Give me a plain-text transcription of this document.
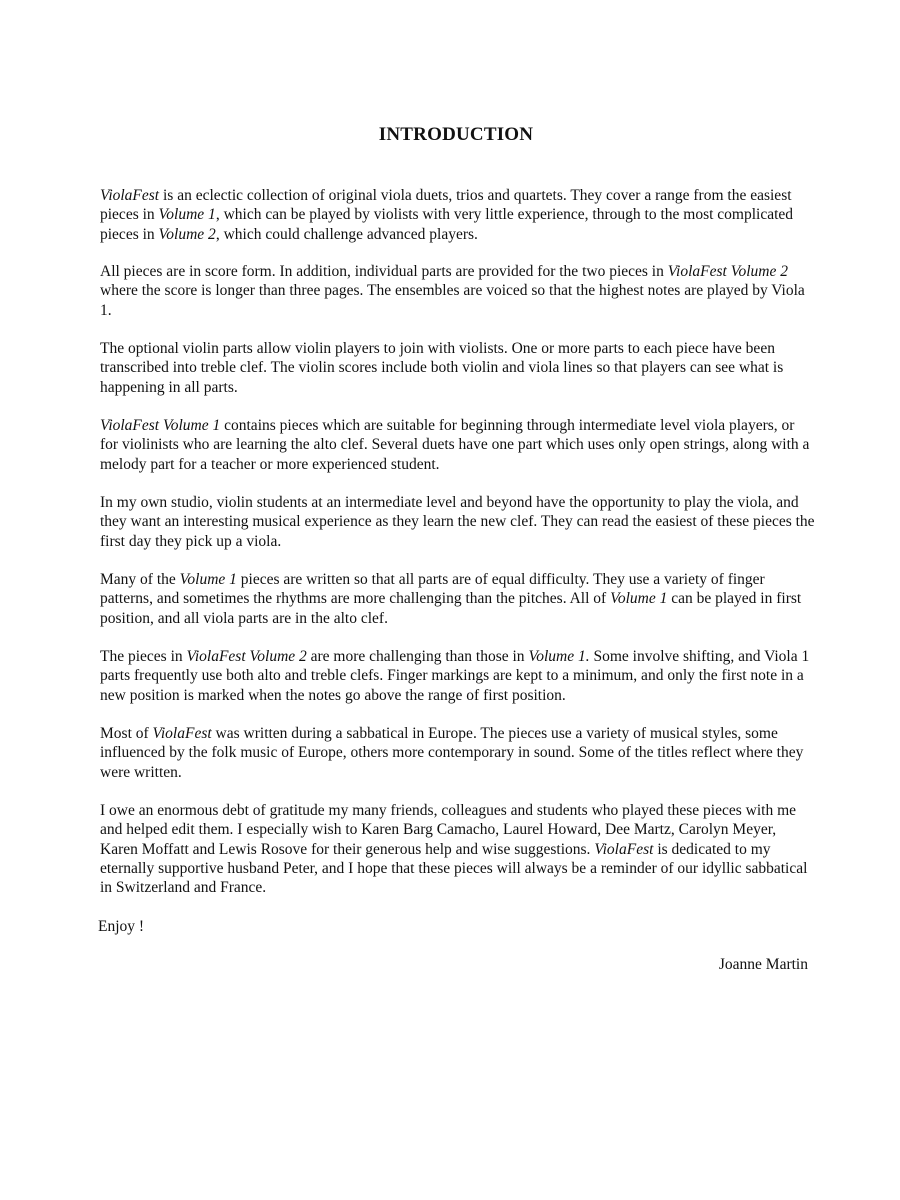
INTRODUCTION
ViolaFest is an eclectic collection of original viola duets, trios and quartets. They cover a range from the easiest pieces in Volume 1, which can be played by violists with very little experience, through to the most complicated pieces in Volume 2, which could challenge advanced players.
All pieces are in score form. In addition, individual parts are provided for the two pieces in ViolaFest Volume 2 where the score is longer than three pages. The ensembles are voiced so that the highest notes are played by Viola 1.
The optional violin parts allow violin players to join with violists. One or more parts to each piece have been transcribed into treble clef. The violin scores include both violin and viola lines so that players can see what is happening in all parts.
ViolaFest Volume 1 contains pieces which are suitable for beginning through intermediate level viola players, or for violinists who are learning the alto clef. Several duets have one part which uses only open strings, along with a melody part for a teacher or more experienced student.
In my own studio, violin students at an intermediate level and beyond have the opportunity to play the viola, and they want an interesting musical experience as they learn the new clef. They can read the easiest of these pieces the first day they pick up a viola.
Many of the Volume 1 pieces are written so that all parts are of equal difficulty. They use a variety of finger patterns, and sometimes the rhythms are more challenging than the pitches. All of Volume 1 can be played in first position, and all viola parts are in the alto clef.
The pieces in ViolaFest Volume 2 are more challenging than those in Volume 1. Some involve shifting, and Viola 1 parts frequently use both alto and treble clefs. Finger markings are kept to a minimum, and only the first note in a new position is marked when the notes go above the range of first position.
Most of ViolaFest was written during a sabbatical in Europe. The pieces use a variety of musical styles, some influenced by the folk music of Europe, others more contemporary in sound. Some of the titles reflect where they were written.
I owe an enormous debt of gratitude my many friends, colleagues and students who played these pieces with me and helped edit them. I especially wish to Karen Barg Camacho, Laurel Howard, Dee Martz, Carolyn Meyer, Karen Moffatt and Lewis Rosove for their generous help and wise suggestions. ViolaFest is dedicated to my eternally supportive husband Peter, and I hope that these pieces will always be a reminder of our idyllic sabbatical in Switzerland and France.
Enjoy !
Joanne Martin
